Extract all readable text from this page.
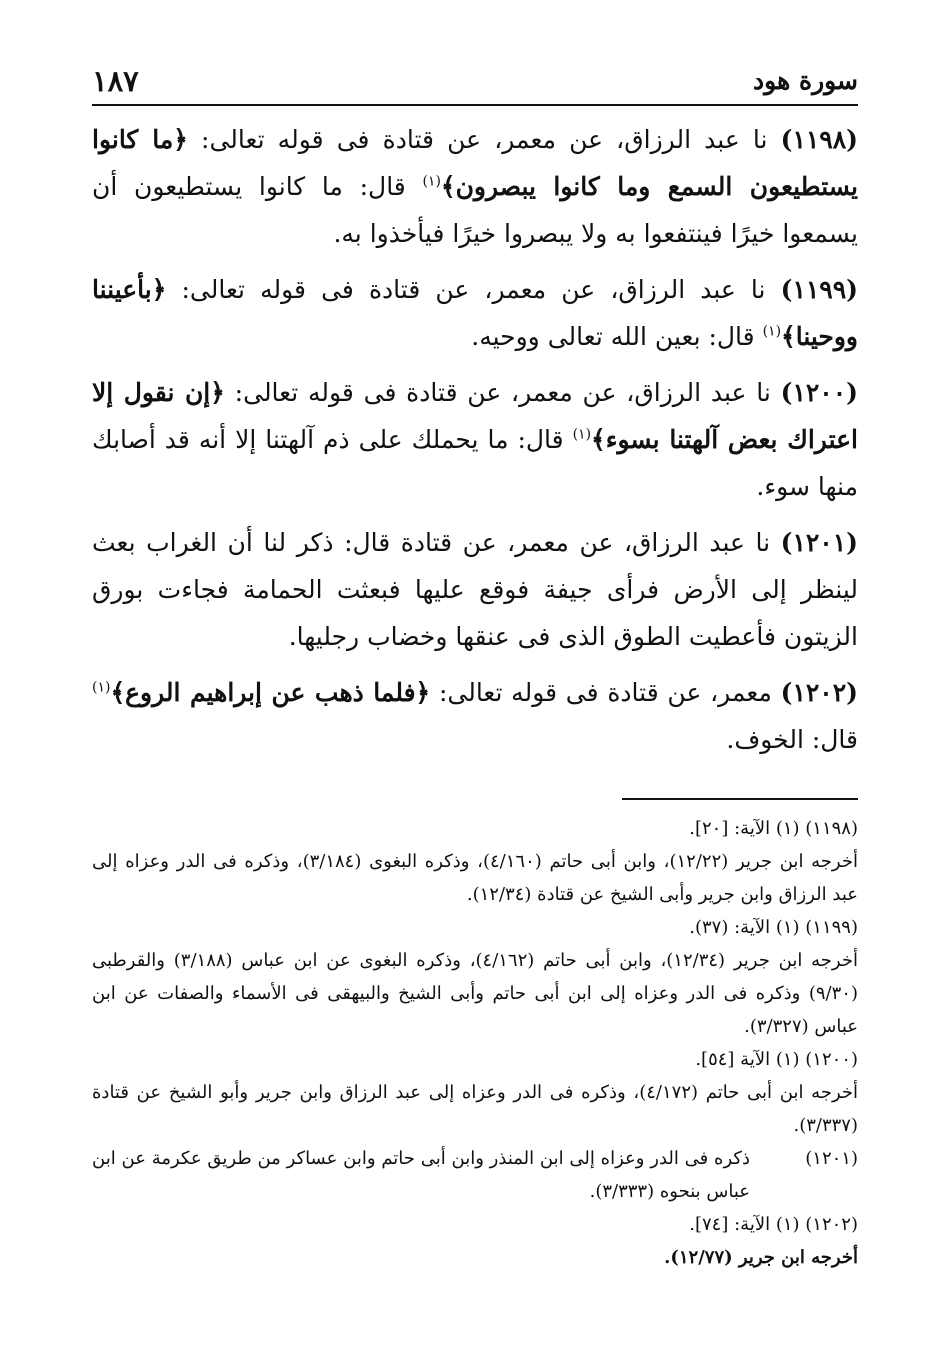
سورة هود
١٨٧

(١١٩٨) نا عبد الرزاق، عن معمر، عن قتادة فى قوله تعالى: ﴿ما كانوا يستطيعون السمع وما كانوا يبصرون﴾$^{(١)}$ قال: ما كانوا يستطيعون أن يسمعوا خيرًا فينتفعوا به ولا يبصروا خيرًا فيأخذوا به.

(١١٩٩) نا عبد الرزاق، عن معمر، عن قتادة فى قوله تعالى: ﴿بأعيننا ووحينا﴾$^{(١)}$ قال: بعين الله تعالى ووحيه.

(١٢٠٠) نا عبد الرزاق، عن معمر، عن قتادة فى قوله تعالى: ﴿إن نقول إلا اعتراك بعض آلهتنا بسوء﴾$^{(١)}$ قال: ما يحملك على ذم آلهتنا إلا أنه قد أصابك منها سوء.

(١٢٠١) نا عبد الرزاق، عن معمر، عن قتادة قال: ذكر لنا أن الغراب بعث لينظر إلى الأرض فرأى جيفة فوقع عليها فبعثت الحمامة فجاءت بورق الزيتون فأعطيت الطوق الذى فى عنقها وخضاب رجليها.

(١٢٠٢) معمر، عن قتادة فى قوله تعالى: ﴿فلما ذهب عن إبراهيم الروع﴾$^{(١)}$ قال: الخوف.

(١١٩٨) (١) الآية: [٢٠].

أخرجه ابن جرير (١٢/٢٢)، وابن أبى حاتم (٤/١٦٠)، وذكره البغوى (٣/١٨٤)، وذكره فى الدر وعزاه إلى عبد الرزاق وابن جرير وأبى الشيخ عن قتادة (١٢/٣٤).

(١١٩٩) (١) الآية: (٣٧).

أخرجه ابن جرير (١٢/٣٤)، وابن أبى حاتم (٤/١٦٢)، وذكره البغوى عن ابن عباس (٣/١٨٨) والقرطبى (٩/٣٠) وذكره فى الدر وعزاه إلى ابن أبى حاتم وأبى الشيخ والبيهقى فى الأسماء والصفات عن ابن عباس (٣/٣٢٧).

(١٢٠٠) (١) الآية [٥٤].

أخرجه ابن أبى حاتم (٤/١٧٢)، وذكره فى الدر وعزاه إلى عبد الرزاق وابن جرير وأبو الشيخ عن قتادة (٣/٣٣٧).

(١٢٠١)
ذكره فى الدر وعزاه إلى ابن المنذر وابن أبى حاتم وابن عساكر من طريق عكرمة عن ابن عباس بنحوه (٣/٣٣٣).

(١٢٠٢) (١) الآية: [٧٤].

أخرجه ابن جرير (١٢/٧٧).
